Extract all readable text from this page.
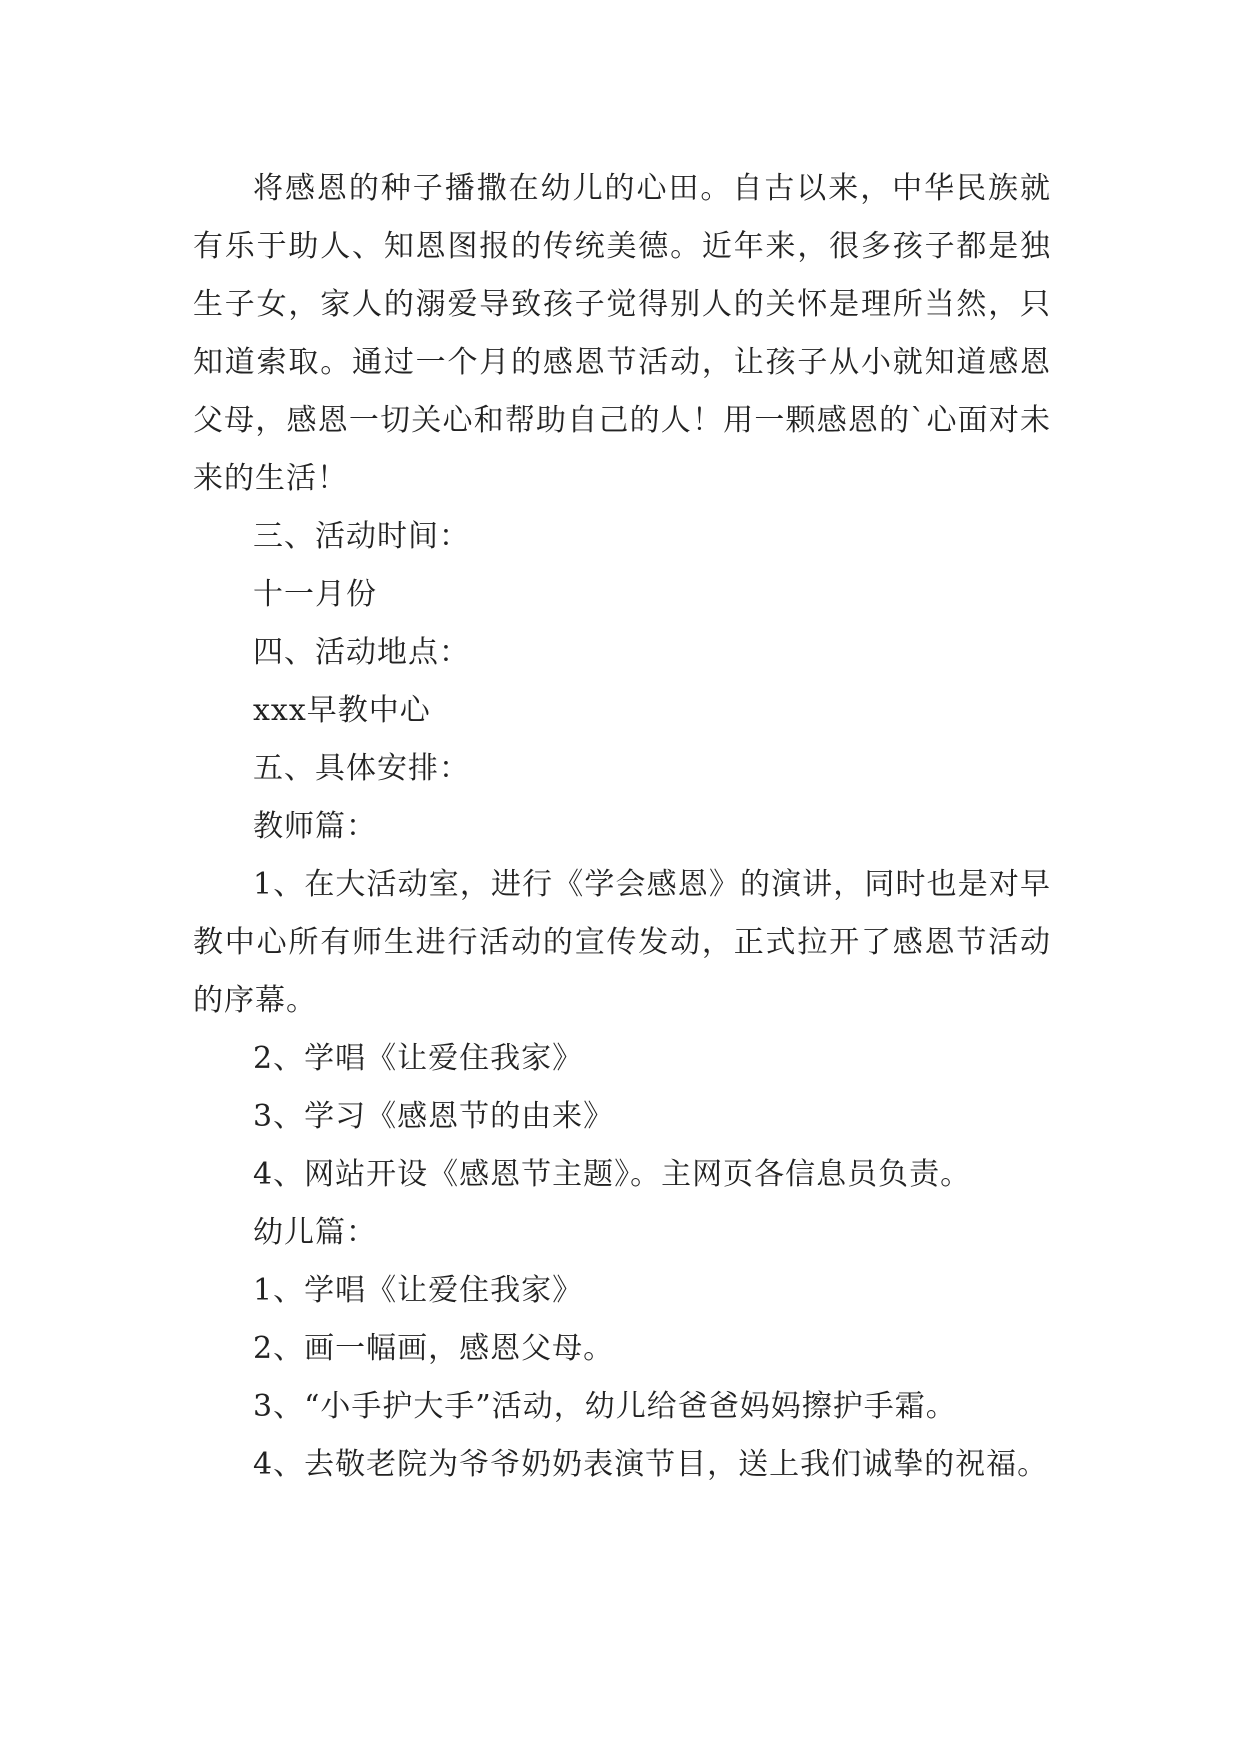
将感恩的种子播撒在幼儿的心田。自古以来，中华民族就有乐于助人、知恩图报的传统美德。近年来，很多孩子都是独生子女，家人的溺爱导致孩子觉得别人的关怀是理所当然，只知道索取。通过一个月的感恩节活动，让孩子从小就知道感恩父母，感恩一切关心和帮助自己的人！用一颗感恩的`心面对未来的生活！

三、活动时间：

十一月份

四、活动地点：

xxx早教中心

五、具体安排：

教师篇：

1、在大活动室，进行《学会感恩》的演讲，同时也是对早教中心所有师生进行活动的宣传发动，正式拉开了感恩节活动的序幕。

2、学唱《让爱住我家》

3、学习《感恩节的由来》

4、网站开设《感恩节主题》。主网页各信息员负责。

幼儿篇：

1、学唱《让爱住我家》

2、画一幅画，感恩父母。

3、“小手护大手”活动，幼儿给爸爸妈妈擦护手霜。

4、去敬老院为爷爷奶奶表演节目，送上我们诚挚的祝福。
